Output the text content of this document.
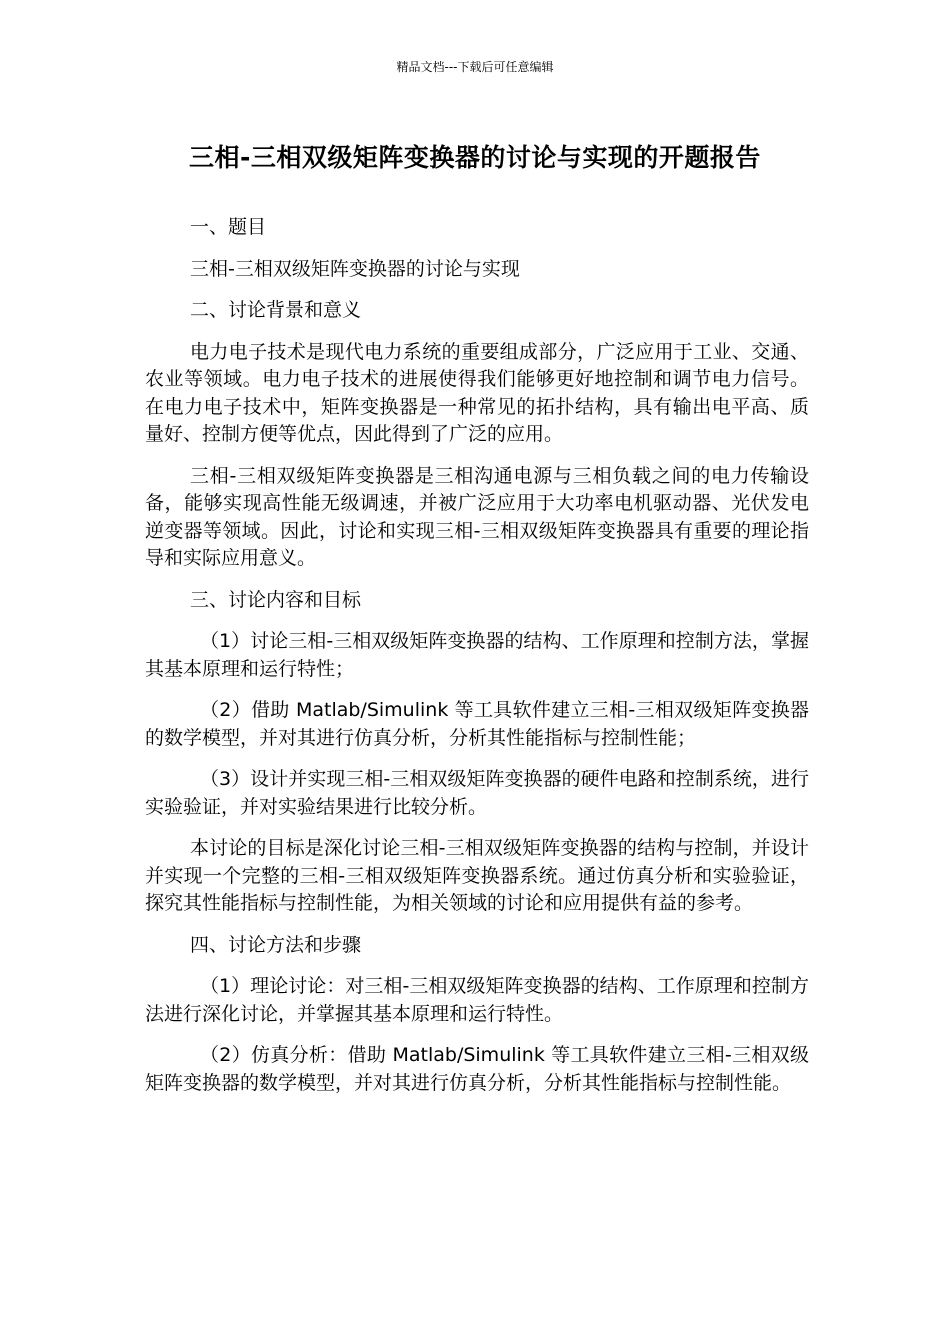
精品文档---下载后可任意编辑
三相-三相双级矩阵变换器的讨论与实现的开题报告

一、题目

三相-三相双级矩阵变换器的讨论与实现

二、讨论背景和意义

电力电子技术是现代电力系统的重要组成部分，广泛应用于工业、交通、农业等领域。电力电子技术的进展使得我们能够更好地控制和调节电力信号。在电力电子技术中，矩阵变换器是一种常见的拓扑结构，具有输出电平高、质量好、控制方便等优点，因此得到了广泛的应用。

三相-三相双级矩阵变换器是三相沟通电源与三相负载之间的电力传输设备，能够实现高性能无级调速，并被广泛应用于大功率电机驱动器、光伏发电逆变器等领域。因此，讨论和实现三相-三相双级矩阵变换器具有重要的理论指导和实际应用意义。

三、讨论内容和目标

（1）讨论三相-三相双级矩阵变换器的结构、工作原理和控制方法，掌握其基本原理和运行特性；

（2）借助 Matlab/Simulink 等工具软件建立三相-三相双级矩阵变换器的数学模型，并对其进行仿真分析，分析其性能指标与控制性能；

（3）设计并实现三相-三相双级矩阵变换器的硬件电路和控制系统，进行实验验证，并对实验结果进行比较分析。

本讨论的目标是深化讨论三相-三相双级矩阵变换器的结构与控制，并设计并实现一个完整的三相-三相双级矩阵变换器系统。通过仿真分析和实验验证，探究其性能指标与控制性能，为相关领域的讨论和应用提供有益的参考。

四、讨论方法和步骤

（1）理论讨论：对三相-三相双级矩阵变换器的结构、工作原理和控制方法进行深化讨论，并掌握其基本原理和运行特性。

（2）仿真分析：借助 Matlab/Simulink 等工具软件建立三相-三相双级矩阵变换器的数学模型，并对其进行仿真分析，分析其性能指标与控制性能。
